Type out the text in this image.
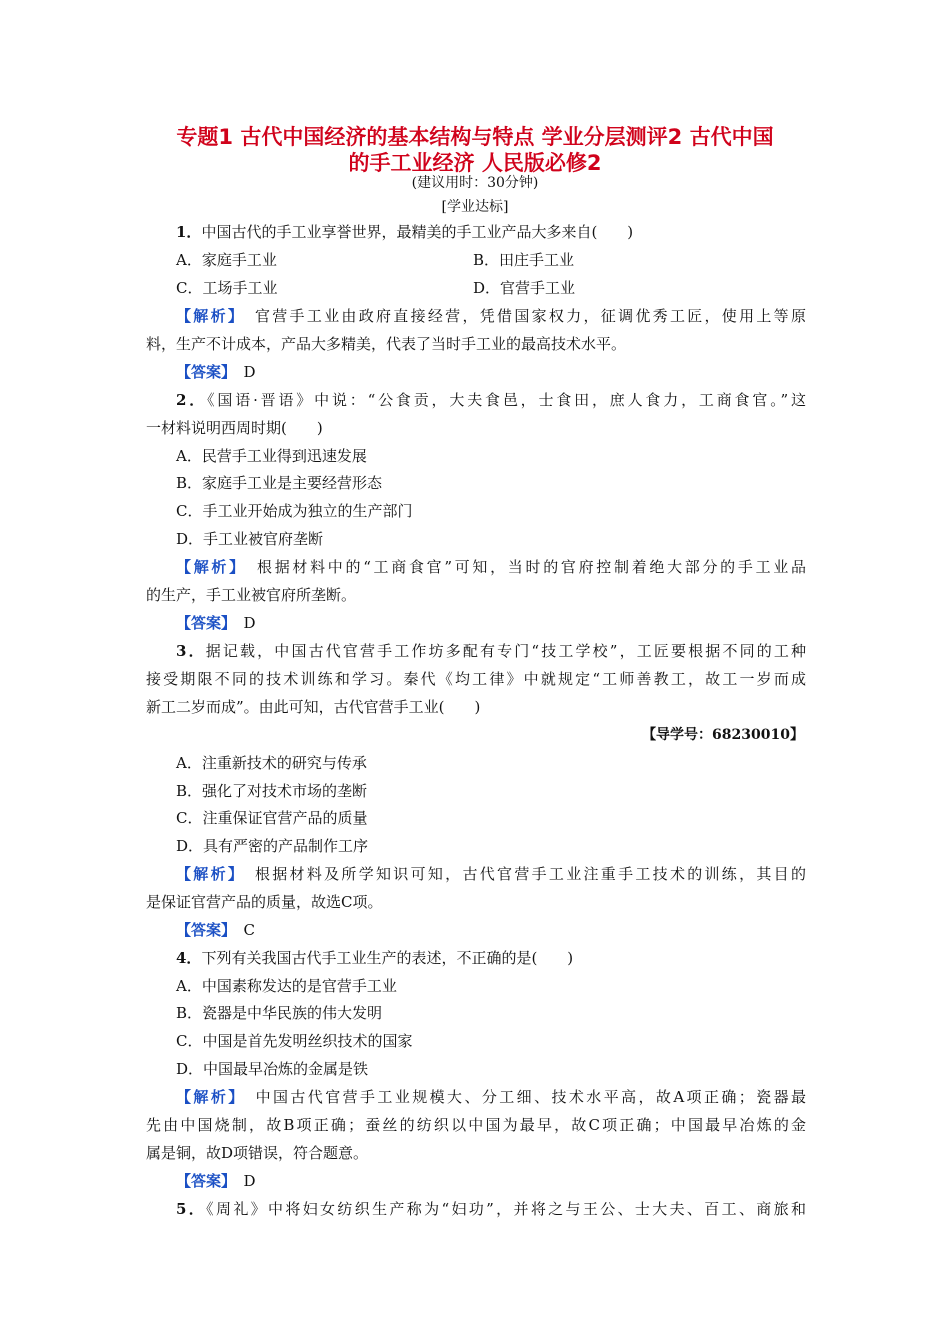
专题1 古代中国经济的基本结构与特点 学业分层测评2 古代中国
的手工业经济 人民版必修2
(建议用时：30分钟)
[学业达标]
1．中国古代的手工业享誉世界，最精美的手工业产品大多来自(　　)
A．家庭手工业	B．田庄手工业
C．工场手工业	D．官营手工业
【解析】　 官营手工业由政府直接经营，凭借国家权力，征调优秀工匠，使用上等原
料，生产不计成本，产品大多精美，代表了当时手工业的最高技术水平。
【答案】　 D
2．《国语·晋语》中说：“公食贡，大夫食邑，士食田，庶人食力，工商食官。”这
一材料说明西周时期(　　)
A．民营手工业得到迅速发展
B．家庭手工业是主要经营形态
C．手工业开始成为独立的生产部门
D．手工业被官府垄断
【解析】　 根据材料中的“工商食官”可知，当时的官府控制着绝大部分的手工业品
的生产，手工业被官府所垄断。
【答案】　 D
3．据记载，中国古代官营手工作坊多配有专门“技工学校”，工匠要根据不同的工种
接受期限不同的技术训练和学习。秦代《均工律》中就规定“工师善教工，故工一岁而成
新工二岁而成”。由此可知，古代官营手工业(　　)
【导学号：68230010】
A．注重新技术的研究与传承
B．强化了对技术市场的垄断
C．注重保证官营产品的质量
D．具有严密的产品制作工序
【解析】　 根据材料及所学知识可知，古代官营手工业注重手工技术的训练，其目的
是保证官营产品的质量，故选C项。
【答案】　 C
4．下列有关我国古代手工业生产的表述，不正确的是(　　)
A．中国素称发达的是官营手工业
B．瓷器是中华民族的伟大发明
C．中国是首先发明丝织技术的国家
D．中国最早冶炼的金属是铁
【解析】　 中国古代官营手工业规模大、分工细、技术水平高，故A项正确；瓷器最
先由中国烧制，故B项正确；蚕丝的纺织以中国为最早，故C项正确；中国最早冶炼的金
属是铜，故D项错误，符合题意。
【答案】　 D
5．《周礼》中将妇女纺织生产称为“妇功”，并将之与王公、士大夫、百工、商旅和
